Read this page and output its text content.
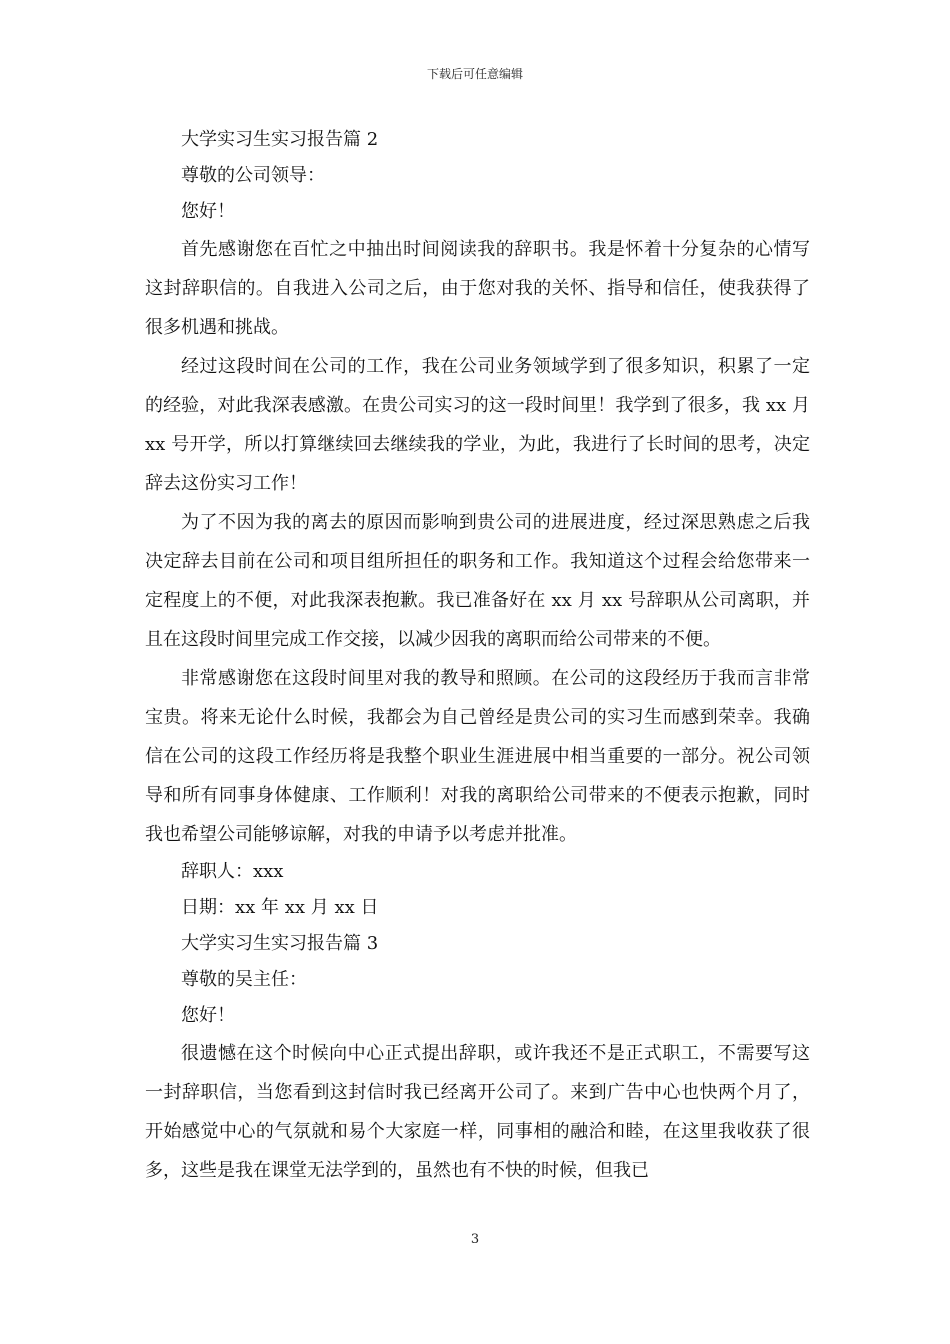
下载后可任意编辑

大学实习生实习报告篇 2

尊敬的公司领导：

您好！

首先感谢您在百忙之中抽出时间阅读我的辞职书。我是怀着十分复杂的心情写这封辞职信的。自我进入公司之后，由于您对我的关怀、指导和信任，使我获得了很多机遇和挑战。

经过这段时间在公司的工作，我在公司业务领域学到了很多知识，积累了一定的经验，对此我深表感激。在贵公司实习的这一段时间里！我学到了很多，我 xx 月 xx 号开学，所以打算继续回去继续我的学业，为此，我进行了长时间的思考，决定辞去这份实习工作！

为了不因为我的离去的原因而影响到贵公司的进展进度，经过深思熟虑之后我决定辞去目前在公司和项目组所担任的职务和工作。我知道这个过程会给您带来一定程度上的不便，对此我深表抱歉。我已准备好在 xx 月 xx 号辞职从公司离职，并且在这段时间里完成工作交接，以减少因我的离职而给公司带来的不便。

非常感谢您在这段时间里对我的教导和照顾。在公司的这段经历于我而言非常宝贵。将来无论什么时候，我都会为自己曾经是贵公司的实习生而感到荣幸。我确信在公司的这段工作经历将是我整个职业生涯进展中相当重要的一部分。祝公司领导和所有同事身体健康、工作顺利！对我的离职给公司带来的不便表示抱歉，同时我也希望公司能够谅解，对我的申请予以考虑并批准。

辞职人：xxx

日期：xx 年 xx 月 xx 日

大学实习生实习报告篇 3

尊敬的吴主任：

您好！

很遗憾在这个时候向中心正式提出辞职，或许我还不是正式职工，不需要写这一封辞职信，当您看到这封信时我已经离开公司了。来到广告中心也快两个月了，开始感觉中心的气氛就和易个大家庭一样，同事相的融洽和睦，在这里我收获了很多，这些是我在课堂无法学到的，虽然也有不快的时候，但我已

3
